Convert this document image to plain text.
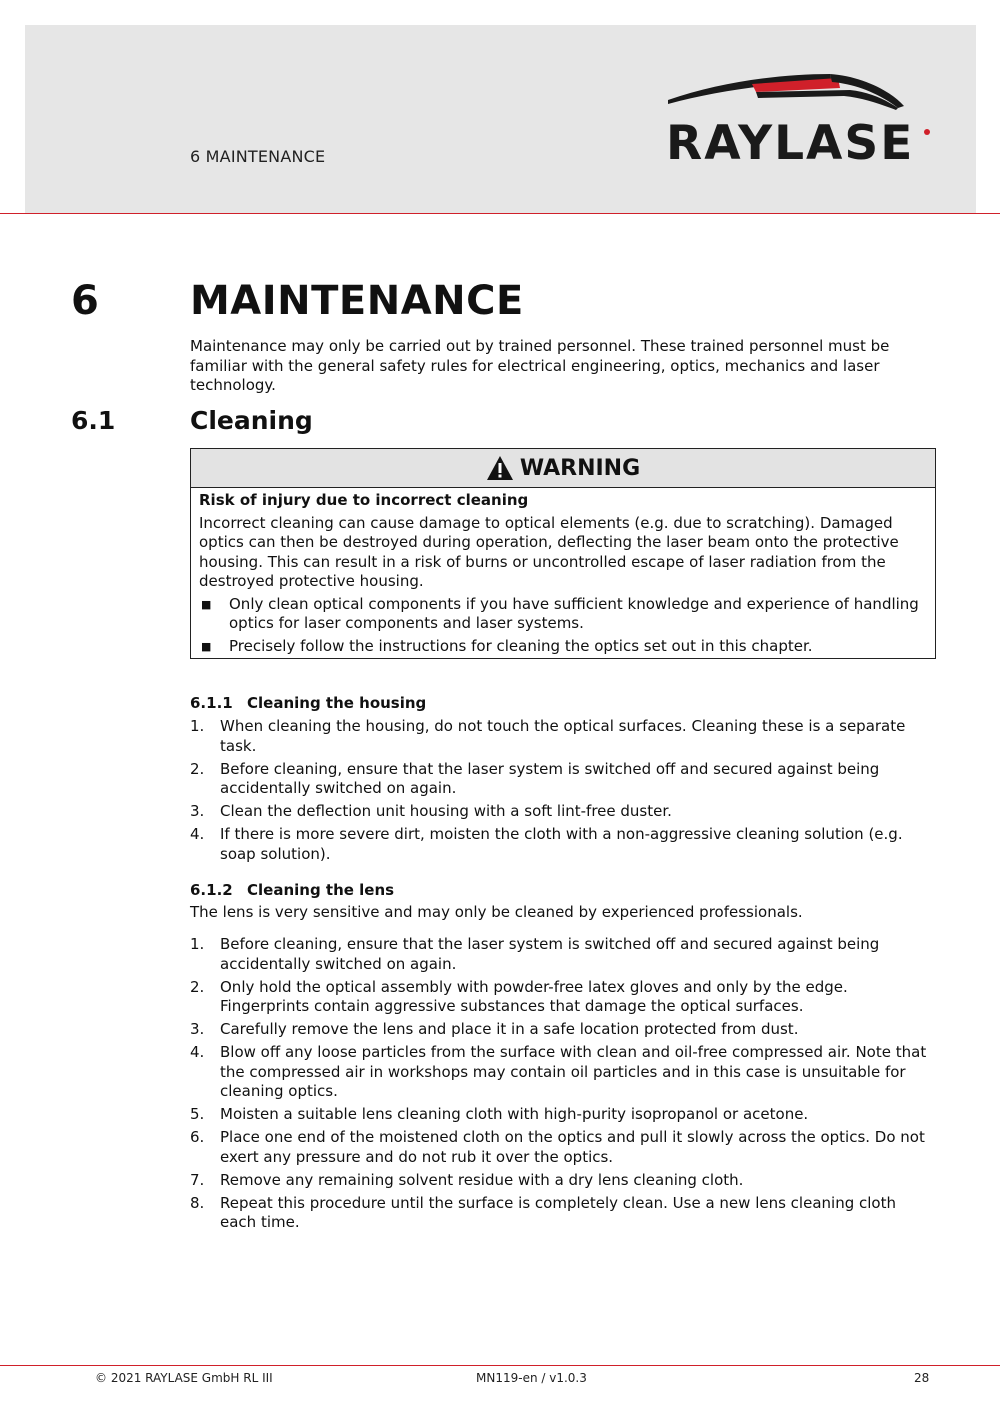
6 MAINTENANCE	RAYLASE
6 MAINTENANCE
Maintenance may only be carried out by trained personnel. These trained personnel must be familiar with the general safety rules for electrical engineering, optics, mechanics and laser technology.
6.1	Cleaning
WARNING
Risk of injury due to incorrect cleaning
Incorrect cleaning can cause damage to optical elements (e.g. due to scratching). Damaged optics can then be destroyed during operation, deflecting the laser beam onto the protective housing. This can result in a risk of burns or uncontrolled escape of laser radiation from the destroyed protective housing.
■ Only clean optical components if you have sufficient knowledge and experience of handling optics for laser components and laser systems.
■ Precisely follow the instructions for cleaning the optics set out in this chapter.
6.1.1 Cleaning the housing
1. When cleaning the housing, do not touch the optical surfaces. Cleaning these is a separate task.
2. Before cleaning, ensure that the laser system is switched off and secured against being accidentally switched on again.
3. Clean the deflection unit housing with a soft lint-free duster.
4. If there is more severe dirt, moisten the cloth with a non-aggressive cleaning solution (e.g. soap solution).
6.1.2 Cleaning the lens
The lens is very sensitive and may only be cleaned by experienced professionals.
1. Before cleaning, ensure that the laser system is switched off and secured against being accidentally switched on again.
2. Only hold the optical assembly with powder-free latex gloves and only by the edge. Fingerprints contain aggressive substances that damage the optical surfaces.
3. Carefully remove the lens and place it in a safe location protected from dust.
4. Blow off any loose particles from the surface with clean and oil-free compressed air. Note that the compressed air in workshops may contain oil particles and in this case is unsuitable for cleaning optics.
5. Moisten a suitable lens cleaning cloth with high-purity isopropanol or acetone.
6. Place one end of the moistened cloth on the optics and pull it slowly across the optics. Do not exert any pressure and do not rub it over the optics.
7. Remove any remaining solvent residue with a dry lens cleaning cloth.
8. Repeat this procedure until the surface is completely clean. Use a new lens cleaning cloth each time.
© 2021 RAYLASE GmbH RL III	MN119-en / v1.0.3	28
